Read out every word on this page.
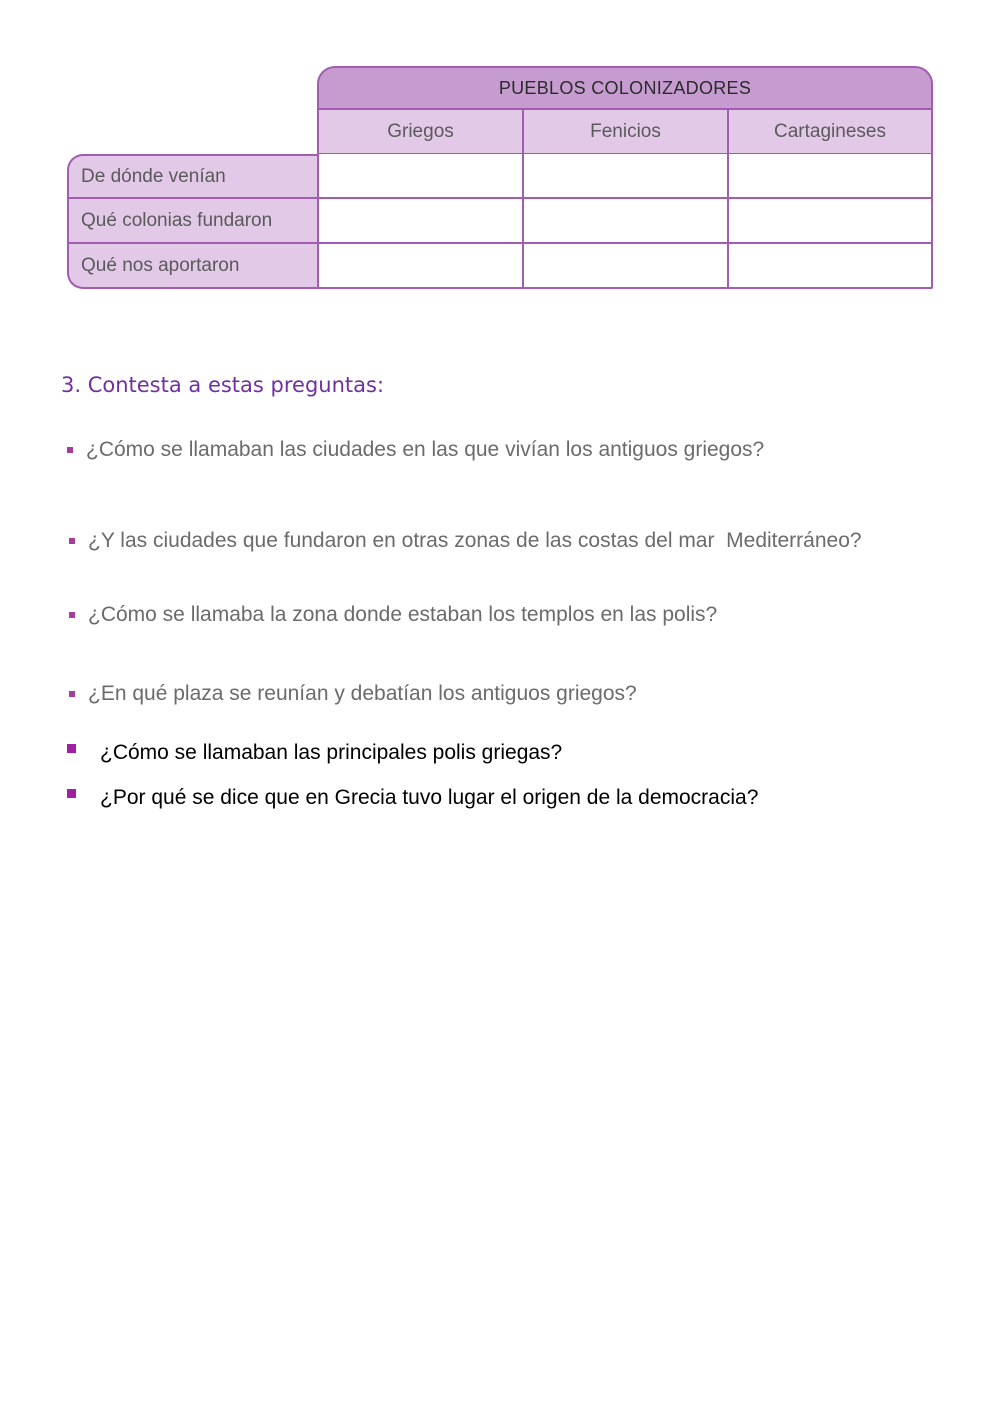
PUEBLOS COLONIZADORES
Griegos	Fenicios	Cartagineses
De dónde venían
Qué colonias fundaron
Qué nos aportaron
3. Contesta a estas preguntas:
¿Cómo se llamaban las ciudades en las que vivían los antiguos griegos?
¿Y las ciudades que fundaron en otras zonas de las costas del mar  Mediterráneo?
¿Cómo se llamaba la zona donde estaban los templos en las polis?
¿En qué plaza se reunían y debatían los antiguos griegos?
¿Cómo se llamaban las principales polis griegas?
¿Por qué se dice que en Grecia tuvo lugar el origen de la democracia?
